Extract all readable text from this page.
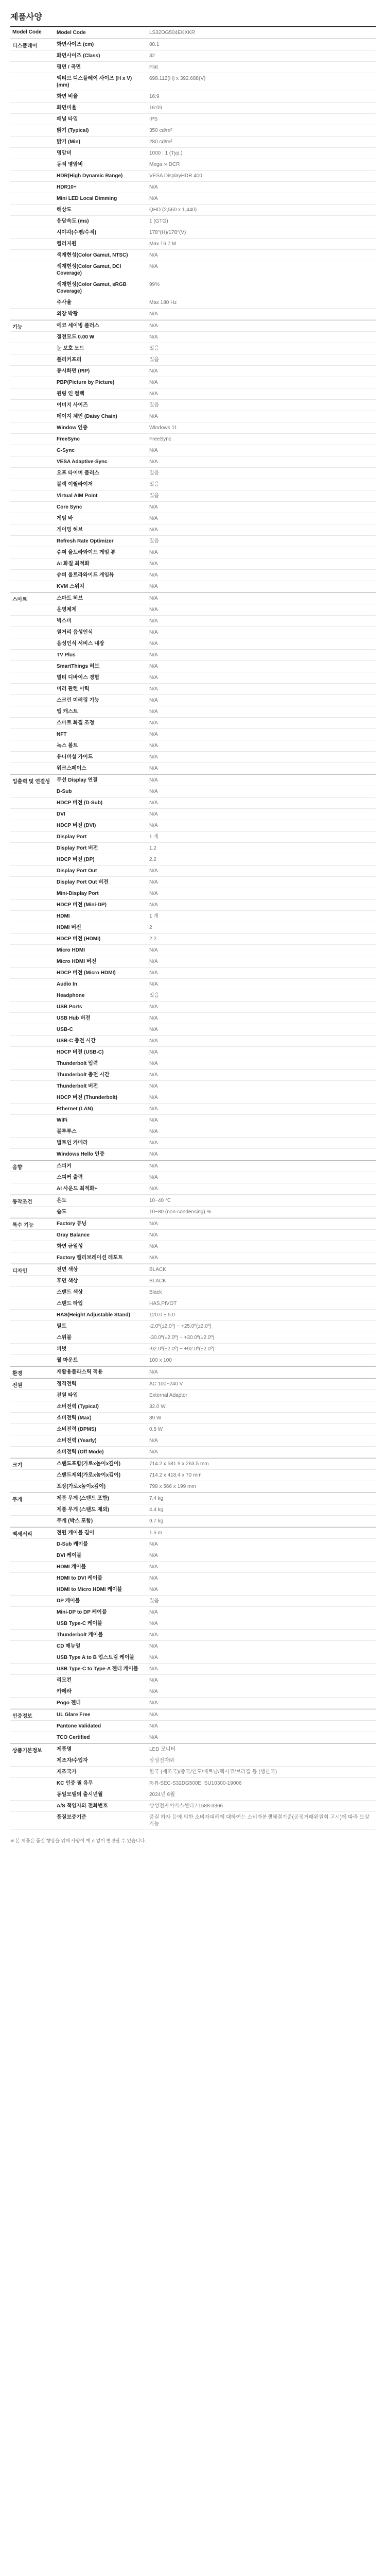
제품사양
Model Code	Model Code	LS32DG504EKXKR
디스플레이	화면사이즈 (cm)	80.1
화면사이즈 (Class)	32
평면 / 곡면	Flat
액티브 디스플레이 사이즈 (H x V) (mm)
698.112(H) x 392.688(V)
화면 비율	16:9
화면비율	16:09
패널 타입	IPS
밝기 (Typical)	350 cd/m²
밝기 (Min)	280 cd/m²
명암비	1000 : 1 (Typ.)
동적 명암비	Mega ∞ DCR
HDR(High Dynamic Range)	VESA DisplayHDR 400
HDR10+	N/A
Mini LED Local Dimming	N/A
해상도	QHD (2,560 x 1,440)
응답속도 (ms)	1 (GTG)
시야각(수평/수직)	178°(H)/178°(V)
컬러지원	Max 16.7 M
색재현성(Color Gamut, NTSC)	N/A
색재현성(Color Gamut, DCI Coverage)
N/A
색재현성(Color Gamut, sRGB Coverage)
99%
주사율	Max 180 Hz
외장 박꽝	N/A
기능	에코 세이빙 플러스	N/A
절전모드 0.00 W	N/A
눈 보호 모드	있음
플리커프리	있음
동시화면 (PIP)	N/A
PBP(Picture by Picture)	N/A
원링 인 컬렉	N/A
이미지 사이즈	있음
데이지 체인 (Daisy Chain)	N/A
Window 인증	Windows 11
FreeSync	FreeSync
G-Sync	N/A
VESA Adaptive-Sync	N/A
오프 타이머 플러스	있음
블랙 이퀄라이저	있음
Virtual AIM Point	있음
Core Sync	N/A
게임 바	N/A
게이밍 허브	N/A
Refresh Rate Optimizer	있음
슈퍼 울트라와이드 게임 뷰	N/A
AI 화질 최적화	N/A
슈퍼 울트라와이드 게임뷰	N/A
KVM 스위치	N/A
스마트	스마트 허브	N/A
운영체제	N/A
빅스비	N/A
원거리 음성인식	N/A
음성인식 서비스 내장	N/A
TV Plus	N/A
SmartThings 허브	N/A
멀티 디바이스 경험	N/A
미러 관련 이력	N/A
스크린 미러링 기능	N/A
앱 캐스트	N/A
스마트 화질 조정	N/A
NFT	N/A
녹스 볼트	N/A
유니버설 가이드	N/A
워크스페이스	N/A
입출력 및 연결성	무선 Display 연결	N/A
D-Sub	N/A
HDCP 버전 (D-Sub)	N/A
DVI	N/A
HDCP 버전 (DVI)	N/A
Display Port	1 개
Display Port 버전	1.2
HDCP 버전 (DP)	2.2
Display Port Out	N/A
Display Port Out 버전	N/A
Mini-Display Port	N/A
HDCP 버전 (Mini-DP)	N/A
HDMI	1 개
HDMI 버전	2
HDCP 버전 (HDMI)	2.2
Micro HDMI	N/A
Micro HDMI 버전	N/A
HDCP 버전 (Micro HDMI)	N/A
Audio In	N/A
Headphone	있음
USB Ports	N/A
USB Hub 버전	N/A
USB-C	N/A
USB-C 충전 시간	N/A
HDCP 버전 (USB-C)	N/A
Thunderbolt 입력	N/A
Thunderbolt 충전 시간	N/A
Thunderbolt 버전	N/A
HDCP 버전 (Thunderbolt)	N/A
Ethernet (LAN)	N/A
WiFi	N/A
블루투스	N/A
빌트인 카메라	N/A
Windows Hello 인증	N/A
음향	스피커	N/A
스피커 출력	N/A
AI 사운드 최적화+	N/A
동작조건	온도	10~40 ℃
습도	10~80 (non-condensing) %
특수 기능	Factory 튜닝	N/A
Gray Balance	N/A
화면 균일성	N/A
Factory 캘리브레이션 레포트	N/A
디자인	전면 색상	BLACK
후면 색상	BLACK
스탠드 색상	Black
스탠드 타입	HAS,PIVOT
HAS(Height Adjustable Stand)	120.0 ± 5.0
틸트	-2.0º(±2.0º) ~ +25.0º(±2.0º)
스위블	-30.0º(±2.0º) ~ +30.0º(±2.0º)
피벗	-92.0º(±2.0º) ~ +92.0º(±2.0º)
월 마운트	100 x 100
환경	재활용플라스틱 적용	N/A
전원	정격전력	AC 100~240 V
전원 타입	External Adaptor
소비전력 (Typical)	32.0 W
소비전력 (Max)	39 W
소비전력 (DPMS)	0.5 W
소비전력 (Yearly)	N/A
소비전력 (Off Mode)	N/A
크기	스탠드포함(가로x높이x깊이)	714.2 x 581.9 x 263.5 mm
스탠드제외(가로x높이x깊이)	714.2 x 418.4 x 70 mm
포장(가로x높이x깊이)	798 x 566 x 199 mm
무게	제품 무게 (스탠드 포함)	7.4 kg
제품 무게 (스탠드 제외)	4.4 kg
무게 (박스 포함)	9.7 kg
액세서리	전원 케이블 길이	1.5 m
D-Sub 케이블	N/A
DVI 케이블	N/A
HDMI 케이블	N/A
HDMI to DVI 케이블	N/A
HDMI to Micro HDMI 케이블	N/A
DP 케이블	있음
Mini-DP to DP 케이블	N/A
USB Type-C 케이블	N/A
Thunderbolt 케이블	N/A
CD 매뉴얼	N/A
USB Type A to B 업스트림 케이블	N/A
USB Type-C to Type-A 젠더 케이블	N/A
리모컨	N/A
카메라	N/A
Pogo 젠더	N/A
인증정보	UL Glare Free	N/A
Pantone Validated	N/A
TCO Certified	N/A
상품기본정보	제품명	LED 모니터
제조자/수입자	삼성전자㈜
제조국가	한국 (제조국)/중국/인도/베트남/멕시코/브라질 등 (생산국)
KC 인증 필 유무	R-R-SEC-S32DG500E, SU10300-19006
동일모델의 출시년월	2024년 6월
A/S 책임자와 전화번호	삼성전자서비스센터 / 1588-3366
품질보증기준	품질 하자 등에 의한 소비자피해에 대하여는 소비자분쟁해결기준(공정거래위원회 고시)에 따라 보상 가능
※ 본 제품은 품질 향상을 위해 사양이 예고 없이 변경될 수 있습니다.
